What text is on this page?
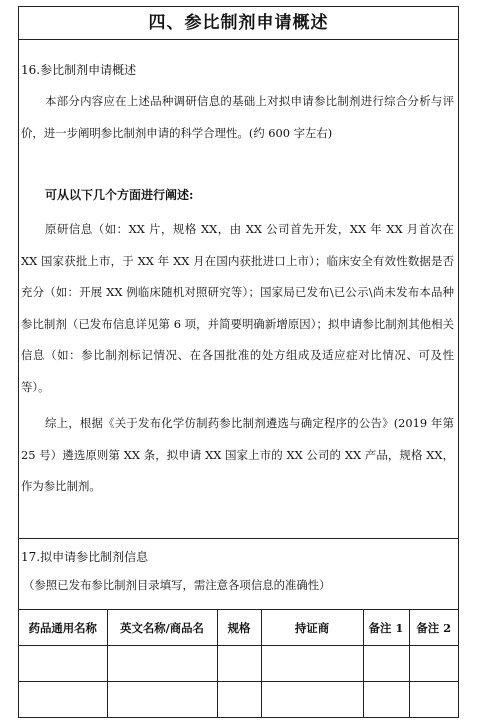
四、参比制剂申请概述
16.参比制剂申请概述
本部分内容应在上述品种调研信息的基础上对拟申请参比制剂进行综合分析与评价，进一步阐明参比制剂申请的科学合理性。(约 600 字左右)
可从以下几个方面进行阐述:
原研信息（如：XX 片，规格 XX，由 XX 公司首先开发，XX 年 XX 月首次在 XX 国家获批上市，于 XX 年 XX 月在国内获批进口上市）；临床安全有效性数据是否充分（如：开展 XX 例临床随机对照研究等）；国家局已发布\已公示\尚未发布本品种参比制剂（已发布信息详见第 6 项，并简要明确新增原因）；拟申请参比制剂其他相关信息（如：参比制剂标记情况、在各国批准的处方组成及适应症对比情况、可及性等）。
综上，根据《关于发布化学仿制药参比制剂遴选与确定程序的公告》(2019 年第 25 号）遴选原则第 XX 条，拟申请 XX 国家上市的 XX 公司的 XX 产品，规格 XX，作为参比制剂。
17.拟申请参比制剂信息
（参照已发布参比制剂目录填写，需注意各项信息的准确性）
药品通用名称	英文名称/商品名	规格	持证商	备注 1	备注 2
